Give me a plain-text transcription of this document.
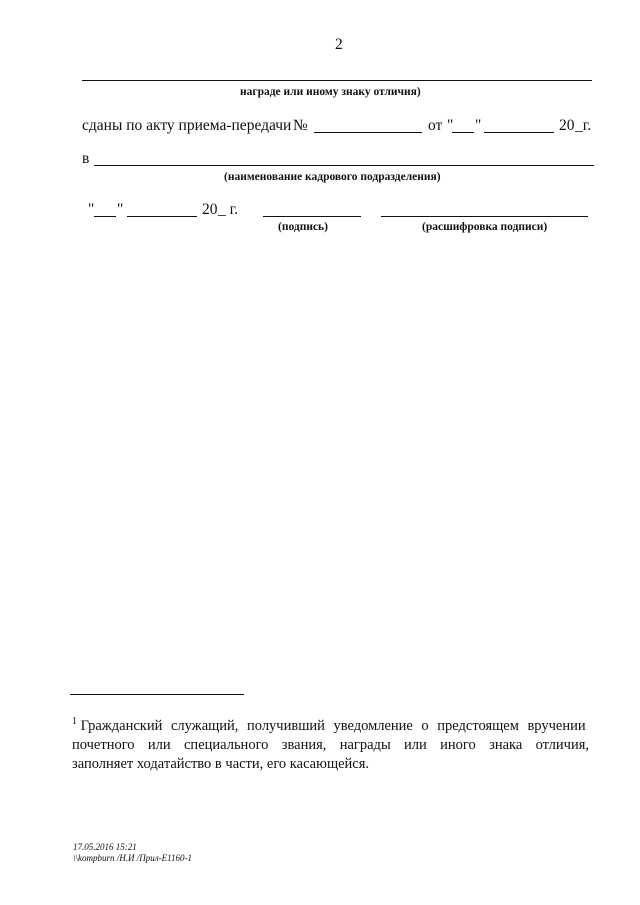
2
награде или иному знаку отличия)
сданы по акту приема-передачи №	от " "	20 _г.
в
(наименование кадрового подразделения)
" "	20 _ г.
(подпись)	(расшифровка подписи)
$^1$ Гражданский служащий, получивший уведомление о предстоящем вручении
почетного или специального звания, награды или иного знака отличия,
заполняет ходатайство в части, его касающейся.
17.05.2016 15:21
\\kompburn /Н.И /Прил-Е1160-1
